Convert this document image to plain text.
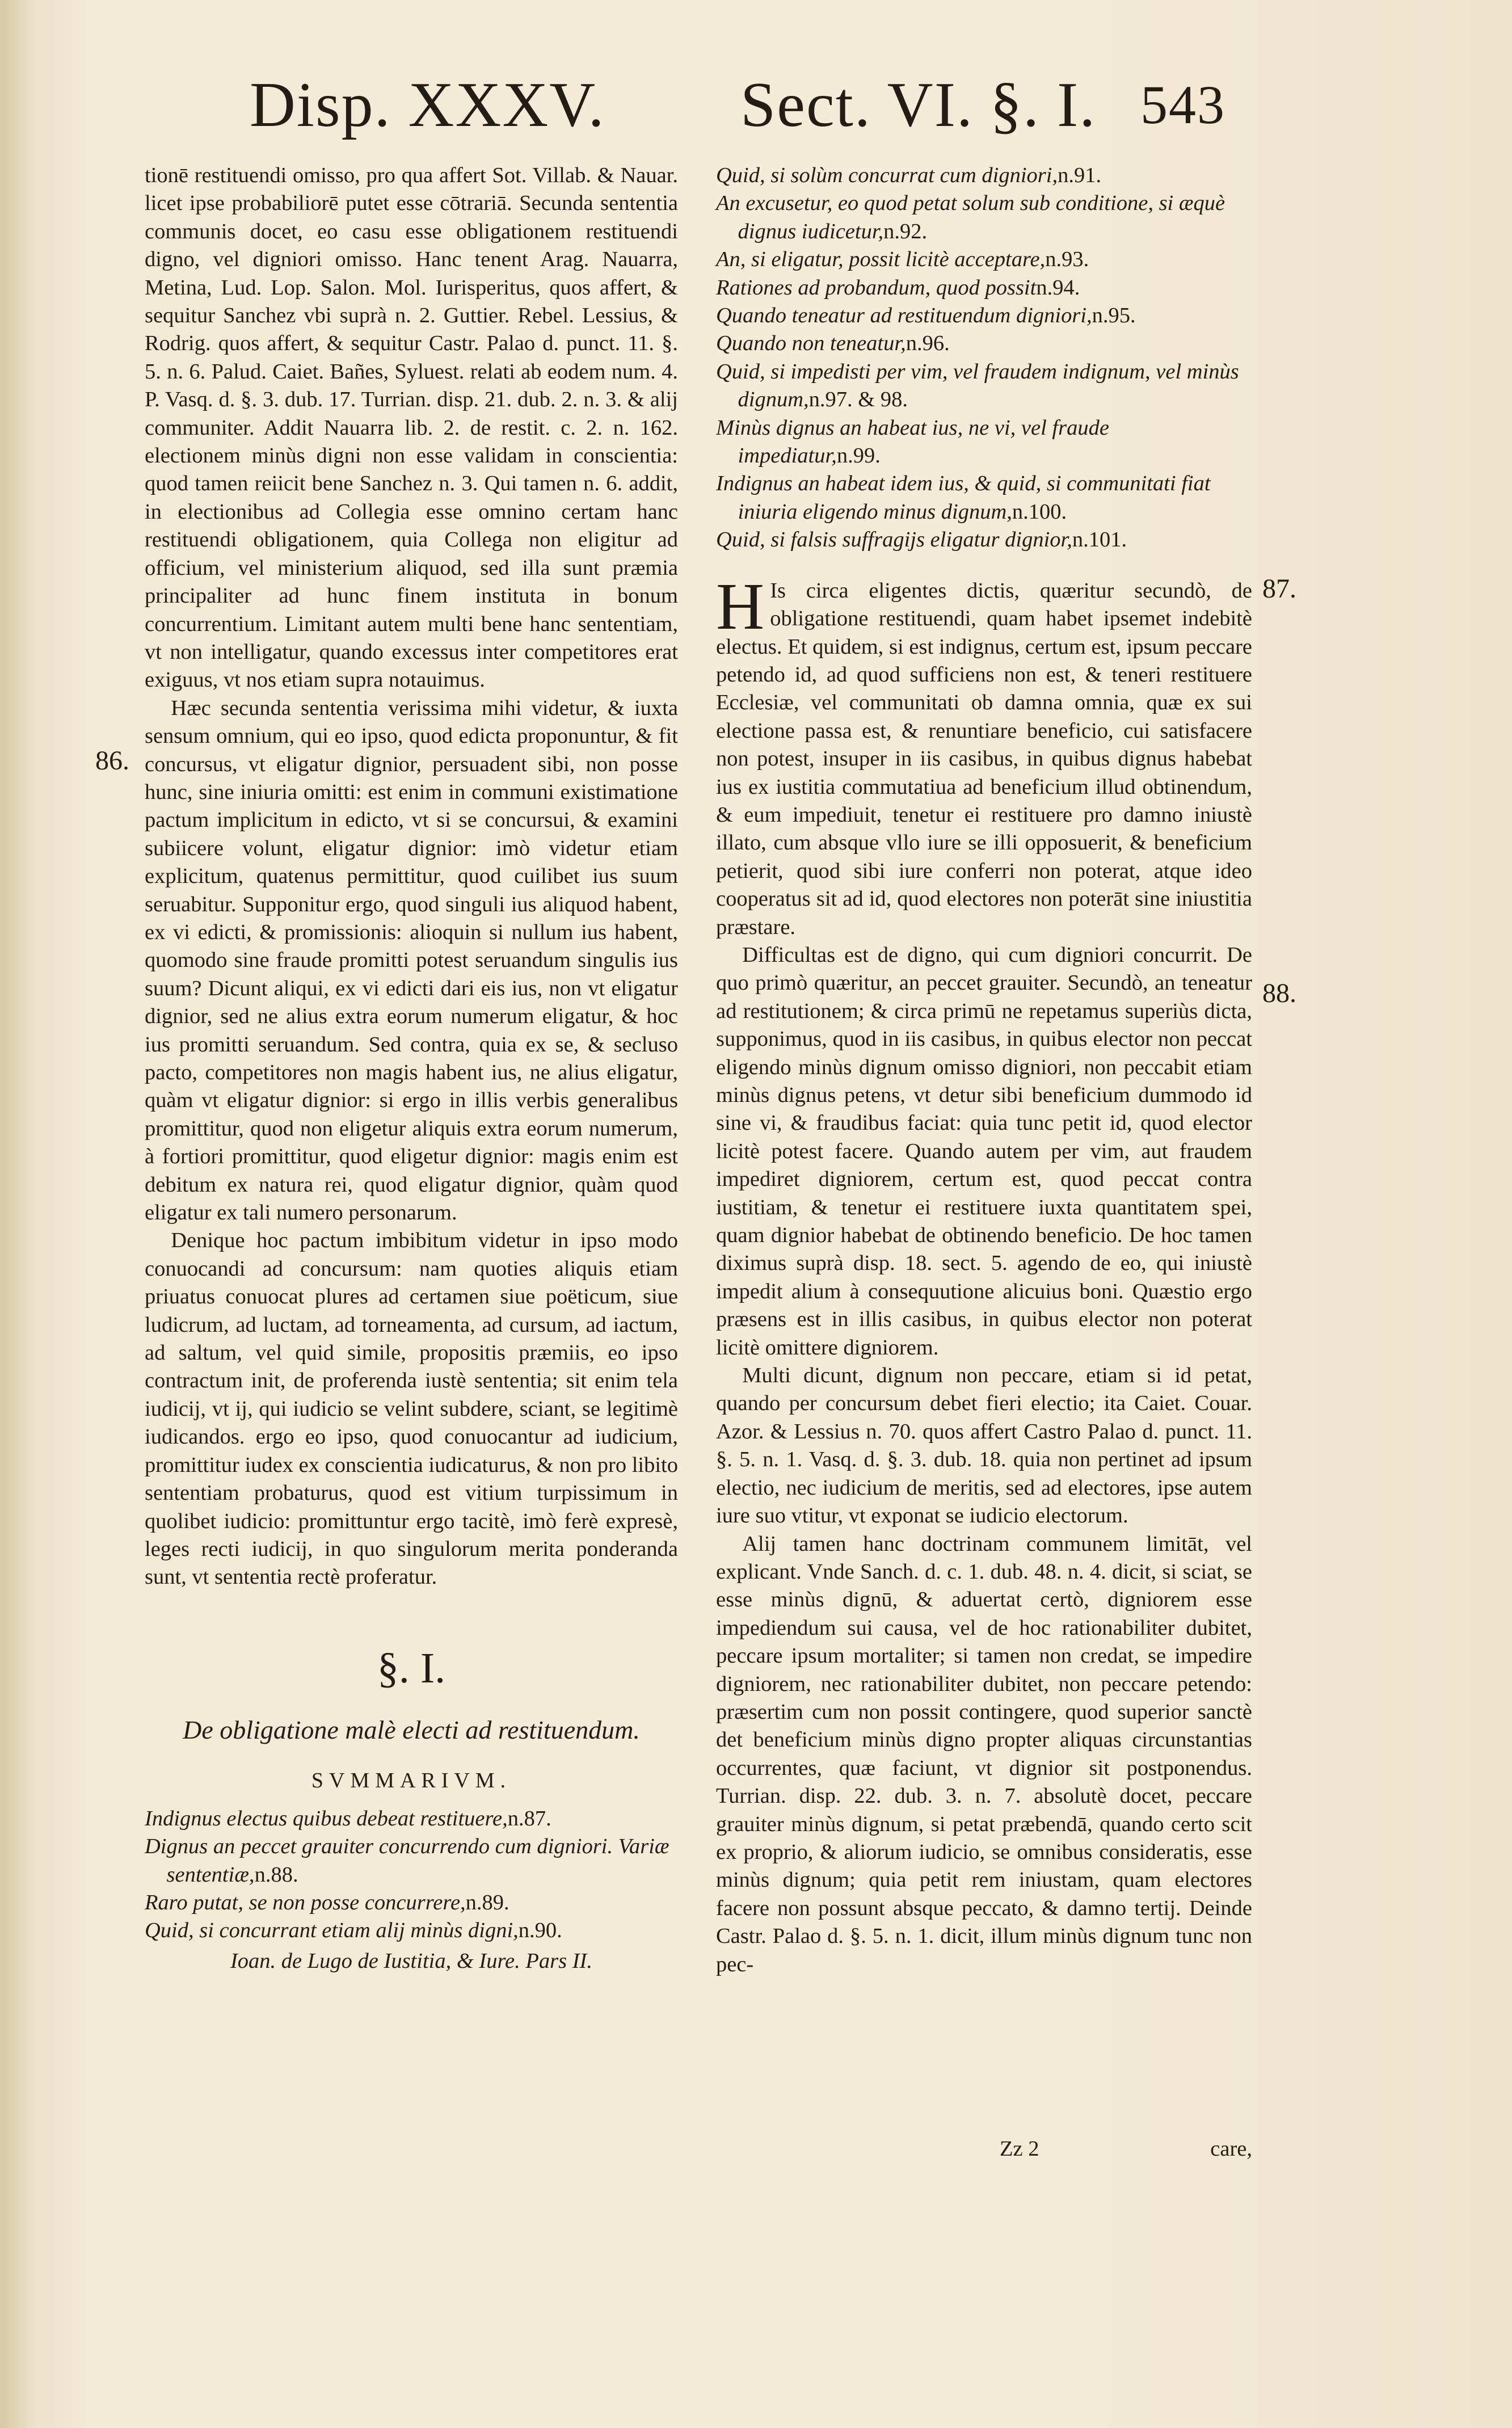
Disp. XXXV. Sect. VI. §. I. 543
86.
87.
88.

tionē restituendi omisso, pro qua affert Sot. Villab. & Nauar. licet ipse probabiliorē putet esse cōtrariā. Secunda sententia communis docet, eo casu esse obligationem restituendi digno, vel digniori omisso. Hanc tenent Arag. Nauarra, Metina, Lud. Lop. Salon. Mol. Iurisperitus, quos affert, & sequitur Sanchez vbi suprà n. 2. Guttier. Rebel. Lessius, & Rodrig. quos affert, & sequitur Castr. Palao d. punct. 11. §. 5. n. 6. Palud. Caiet. Bañes, Syluest. relati ab eodem num. 4. P. Vasq. d. §. 3. dub. 17. Turrian. disp. 21. dub. 2. n. 3. & alij communiter. Addit Nauarra lib. 2. de restit. c. 2. n. 162. electionem minùs digni non esse validam in conscientia: quod tamen reiicit bene Sanchez n. 3. Qui tamen n. 6. addit, in electionibus ad Collegia esse omnino certam hanc restituendi obligationem, quia Collega non eligitur ad officium, vel ministerium aliquod, sed illa sunt præmia principaliter ad hunc finem instituta in bonum concurrentium. Limitant autem multi bene hanc sententiam, vt non intelligatur, quando excessus inter competitores erat exiguus, vt nos etiam supra notauimus.

Hæc secunda sententia verissima mihi videtur, & iuxta sensum omnium, qui eo ipso, quod edicta proponuntur, & fit concursus, vt eligatur dignior, persuadent sibi, non posse hunc, sine iniuria omitti: est enim in communi existimatione pactum implicitum in edicto, vt si se concursui, & examini subiicere volunt, eligatur dignior: imò videtur etiam explicitum, quatenus permittitur, quod cuilibet ius suum seruabitur. Supponitur ergo, quod singuli ius aliquod habent, ex vi edicti, & promissionis: alioquin si nullum ius habent, quomodo sine fraude promitti potest seruandum singulis ius suum? Dicunt aliqui, ex vi edicti dari eis ius, non vt eligatur dignior, sed ne alius extra eorum numerum eligatur, & hoc ius promitti seruandum. Sed contra, quia ex se, & secluso pacto, competitores non magis habent ius, ne alius eligatur, quàm vt eligatur dignior: si ergo in illis verbis generalibus promittitur, quod non eligetur aliquis extra eorum numerum, à fortiori promittitur, quod eligetur dignior: magis enim est debitum ex natura rei, quod eligatur dignior, quàm quod eligatur ex tali numero personarum.

Denique hoc pactum imbibitum videtur in ipso modo conuocandi ad concursum: nam quoties aliquis etiam priuatus conuocat plures ad certamen siue poëticum, siue ludicrum, ad luctam, ad torneamenta, ad cursum, ad iactum, ad saltum, vel quid simile, propositis præmiis, eo ipso contractum init, de proferenda iustè sententia; sit enim tela iudicij, vt ij, qui iudicio se velint subdere, sciant, se legitimè iudicandos. ergo eo ipso, quod conuocantur ad iudicium, promittitur iudex ex conscientia iudicaturus, & non pro libito sententiam probaturus, quod est vitium turpissimum in quolibet iudicio: promittuntur ergo tacitè, imò ferè expresè, leges recti iudicij, in quo singulorum merita ponderanda sunt, vt sententia rectè proferatur.

§. I.
De obligatione malè electi ad restituendum.
SVMMARIVM.

Indignus electus quibus debeat restituere,n.87.

Dignus an peccet grauiter concurrendo cum digniori. Variæ sententiæ,n.88.

Raro putat, se non posse concurrere,n.89.

Quid, si concurrant etiam alij minùs digni,n.90.

Ioan. de Lugo de Iustitia, & Iure. Pars II.

Quid, si solùm concurrat cum digniori,n.91.

An excusetur, eo quod petat solum sub conditione, si æquè dignus iudicetur,n.92.

An, si eligatur, possit licitè acceptare,n.93.

Rationes ad probandum, quod possitn.94.

Quando teneatur ad restituendum digniori,n.95.

Quando non teneatur,n.96.

Quid, si impedisti per vim, vel fraudem indignum, vel minùs dignum,n.97. & 98.

Minùs dignus an habeat ius, ne vi, vel fraude impediatur,n.99.

Indignus an habeat idem ius, & quid, si communitati fiat iniuria eligendo minus dignum,n.100.

Quid, si falsis suffragijs eligatur dignior,n.101.

H Is circa eligentes dictis, quæritur secundò, de obligatione restituendi, quam habet ipsemet indebitè electus. Et quidem, si est indignus, certum est, ipsum peccare petendo id, ad quod sufficiens non est, & teneri restituere Ecclesiæ, vel communitati ob damna omnia, quæ ex sui electione passa est, & renuntiare beneficio, cui satisfacere non potest, insuper in iis casibus, in quibus dignus habebat ius ex iustitia commutatiua ad beneficium illud obtinendum, & eum impediuit, tenetur ei restituere pro damno iniustè illato, cum absque vllo iure se illi opposuerit, & beneficium petierit, quod sibi iure conferri non poterat, atque ideo cooperatus sit ad id, quod electores non poterāt sine iniustitia præstare.

Difficultas est de digno, qui cum digniori concurrit. De quo primò quæritur, an peccet grauiter. Secundò, an teneatur ad restitutionem; & circa primū ne repetamus superiùs dicta, supponimus, quod in iis casibus, in quibus elector non peccat eligendo minùs dignum omisso digniori, non peccabit etiam minùs dignus petens, vt detur sibi beneficium dummodo id sine vi, & fraudibus faciat: quia tunc petit id, quod elector licitè potest facere. Quando autem per vim, aut fraudem impediret digniorem, certum est, quod peccat contra iustitiam, & tenetur ei restituere iuxta quantitatem spei, quam dignior habebat de obtinendo beneficio. De hoc tamen diximus suprà disp. 18. sect. 5. agendo de eo, qui iniustè impedit alium à consequutione alicuius boni. Quæstio ergo præsens est in illis casibus, in quibus elector non poterat licitè omittere digniorem.

Multi dicunt, dignum non peccare, etiam si id petat, quando per concursum debet fieri electio; ita Caiet. Couar. Azor. & Lessius n. 70. quos affert Castro Palao d. punct. 11. §. 5. n. 1. Vasq. d. §. 3. dub. 18. quia non pertinet ad ipsum electio, nec iudicium de meritis, sed ad electores, ipse autem iure suo vtitur, vt exponat se iudicio electorum.

Alij tamen hanc doctrinam communem limitāt, vel explicant. Vnde Sanch. d. c. 1. dub. 48. n. 4. dicit, si sciat, se esse minùs dignū, & aduertat certò, digniorem esse impediendum sui causa, vel de hoc rationabiliter dubitet, peccare ipsum mortaliter; si tamen non credat, se impedire digniorem, nec rationabiliter dubitet, non peccare petendo: præsertim cum non possit contingere, quod superior sanctè det beneficium minùs digno propter aliquas circunstantias occurrentes, quæ faciunt, vt dignior sit postponendus. Turrian. disp. 22. dub. 3. n. 7. absolutè docet, peccare grauiter minùs dignum, si petat præbendā, quando certo scit ex proprio, & aliorum iudicio, se omnibus consideratis, esse minùs dignum; quia petit rem iniustam, quam electores facere non possunt absque peccato, & damno tertij. Deinde Castr. Palao d. §. 5. n. 1. dicit, illum minùs dignum tunc non pec-

Zz 2	care,
